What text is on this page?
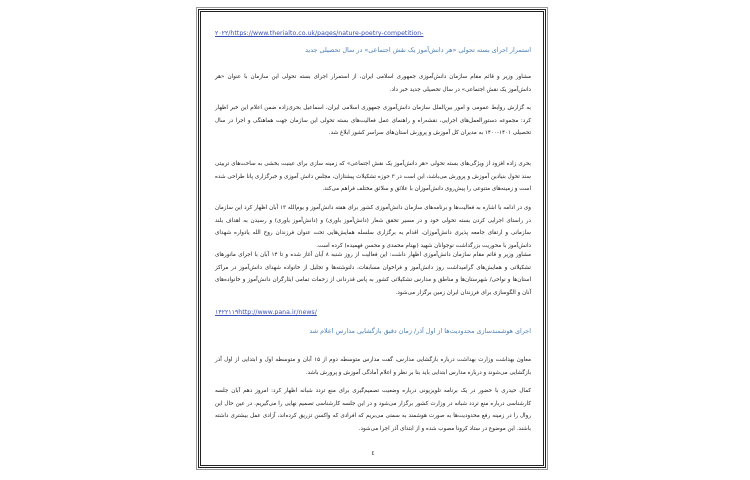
٢٠٢٢/https://www.therialto.co.uk/pages/nature-poetry-competition-
استمرار اجرای بسته تحولی «هر دانش‌آموز یک نقش اجتماعی» در سال تحصیلی جدید
مشاور وزیر و قائم مقام سازمان دانش‌آموزی جمهوری اسلامی ایران، از استمرار اجرای بسته تحولی این سازمان با عنوان «هر دانش‌آموز یک نقش اجتماعی» در سال تحصیلی جدید خبر داد.
به گزارش روابط عمومی و امور بین‌الملل سازمان دانش‌آموزی جمهوری اسلامی ایران، اسماعیل بحری‌زاده ضمن اعلام این خبر اظهار کرد: مجموعه دستورالعمل‌های اجرایی، نقشه‌راه و راهنمای عمل فعالیت‌های بسته تحولی این سازمان جهت هماهنگی و اجرا در سال تحصیلی ۱۴۰۱-۱۴۰۰ به مدیران کل آموزش و پرورش استان‌های سراسر کشور ابلاغ شد.
بحری زاده افزود از ویژگی‌های بسته تحولی «هر دانش‌آموز یک نقش اجتماعی» که زمینه سازی برای عینیت بخشی به ساحت‌های تربیتی سند تحول بنیادین آموزش و پرورش می‌باشد، این است در ۳ حوزه تشکیلات پیشتازان، مجلس دانش آموزی و خبرگزاری پانا طراحی شده است و زمینه‌های متنوعی را پیش‌روی دانش‌آموزان با علائق و سلائق مختلف فراهم می‌کند.
وی در ادامه با اشاره به فعالیت‌ها و برنامه‌های سازمان دانش‌آموزی کشور برای هفته دانش‌آموز و یوم‌الله ۱۳ آبان اظهار کرد این سازمان در راستای اجرایی کردن بسته تحولی خود و در مسیر تحقق شعار (دانش‌آموز باوری) و (دانش‌آموز یاوری) و رسیدن به اهداف بلند سازمانی و ارتقای جامعه پذیری دانش‌آموزان، اقدام به برگزاری سلسله همایش‌هایی تحت عنوان فرزندان روح الله یادواره شهدای دانش‌آموز با محوریت بزرگداشت نوجوانان شهید (بهنام محمدی و محسن فهمیده) کرده است.
مشاور وزیر و قائم مقام سازمان دانش‌آموزی اظهار داشت: این فعالیت از روز شنبه ۸ آبان آغاز شده و تا ۱۴ آبان با اجرای مانورهای تشکیلاتی و همایش‌های گرامیداشت روز دانش‌آموز و فراخوان مسابقات، دلنوشته‌ها و تجلیل از خانواده شهدای دانش‌آموز در مراکز استان‌ها و نواحی/ شهرستان‌ها و مناطق و مدارس تشکیلاتی کشور به پاس قدردانی از زحمات تمامی ایثارگران دانش‌آموز و خانواده‌های آنان و الگوسازی برای فرزندان ایران زمین برگزار می‌شود.
۱۴۲۲۱۱۹http://www.pana.ir/news/
اجرای هوشمندسازی محدودیت‌ها از اول آذر/ زمان دقیق بازگشایی مدارس اعلام شد
معاون بهداشت وزارت بهداشت درباره بازگشایی مدارس، گفت مدارس متوسطه دوم از ۱۵ آبان و متوسطه اول و ابتدایی از اول آذر بازگشایی می‌شوند و درباره مدارس ابتدایی باید بنا بر نظر و اعلام آمادگی آموزش و پرورش باشد.
کمال حیدری با حضور در یک برنامه تلویزیونی درباره وضعیت تصمیم‌گیری برای منع تردد شبانه اظهار کرد: امروز دهم آبان جلسه کارشناسی درباره منع تردد شبانه در وزارت کشور برگزار می‌شود و در این جلسه کارشناسی تصمیم نهایی را می‌گیریم. در عین حال این روال را در زمینه رفع محدودیت‌ها به صورت هوشمند به سمتی می‌بریم که افرادی که واکسن تزریق کرده‌اند، آزادی عمل بیشتری داشته باشند. این موضوع در ستاد کرونا مصوب شده و از ابتدای آذر اجرا می‌شود.
٤
